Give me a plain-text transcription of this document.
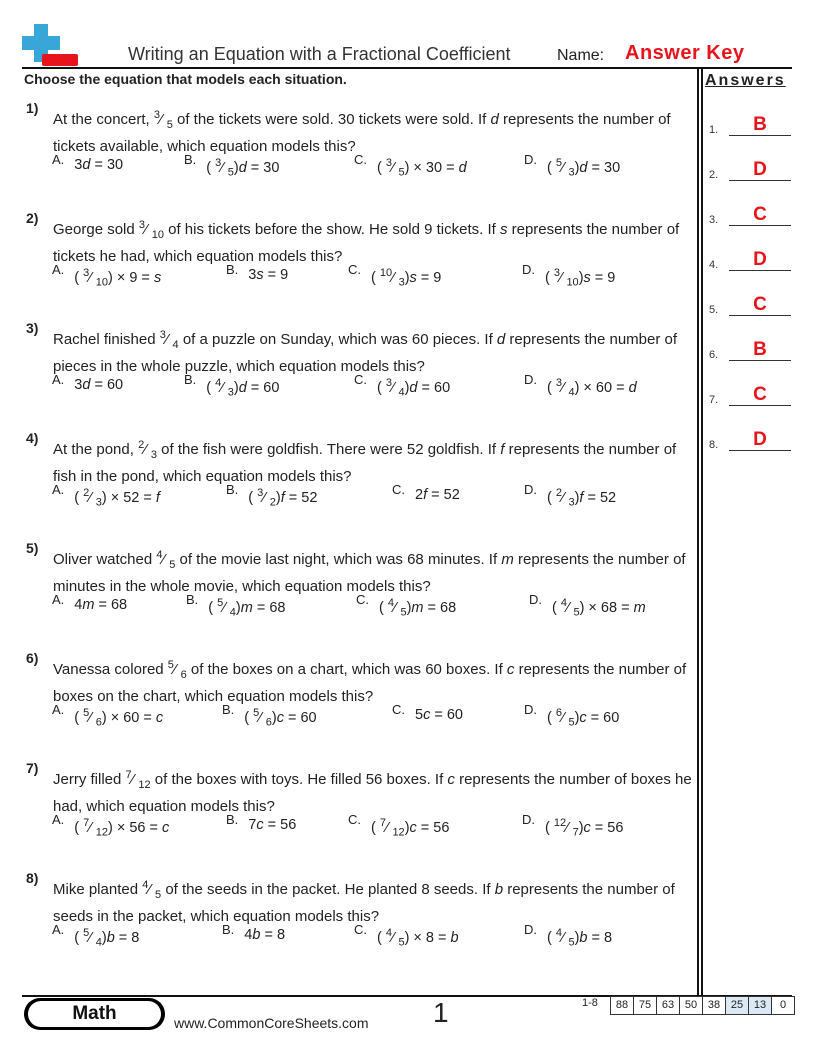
Writing an Equation with a Fractional Coefficient	Name: Answer Key
Choose the equation that models each situation.	Answers
1.	B
2.	D
3.	C
4.	D
5.	C
6.	B
7.	C
8.	D
1)
At the concert, $^3$⁄ $_5$ of the tickets were sold. 30 tickets were sold. If d represents the number of tickets available, which equation models this?
A. 3d = 30	B.( $^3$⁄ $_5$)d = 30
C.( $^3$⁄ $_5$) × 30 = d
D.( $^5$⁄ $_3$)d = 30
2)
George sold $^3$⁄ $_{10}$ of his tickets before the show. He sold 9 tickets. If s represents the number of tickets he had, which equation models this?
A.( $^3$⁄ $_{10}$) × 9 = s
B. 3s = 9	C.( $^{10}$⁄ $_3$)s = 9
D.( $^3$⁄ $_{10}$)s = 9
3)
Rachel finished $^3$⁄ $_4$ of a puzzle on Sunday, which was 60 pieces. If d represents the number of pieces in the whole puzzle, which equation models this?
A. 3d = 60	B.( $^4$⁄ $_3$)d = 60
C.( $^3$⁄ $_4$)d = 60
D.( $^3$⁄ $_4$) × 60 = d
4)
At the pond, $^2$⁄ $_3$ of the fish were goldfish. There were 52 goldfish. If f represents the number of fish in the pond, which equation models this?
A.( $^2$⁄ $_3$) × 52 = f
B.( $^3$⁄ $_2$)f = 52
C. 2f = 52	D.( $^2$⁄ $_3$)f = 52
5)
Oliver watched $^4$⁄ $_5$ of the movie last night, which was 68 minutes. If m represents the number of minutes in the whole movie, which equation models this?
A. 4m = 68	B.( $^5$⁄ $_4$)m = 68
C.( $^4$⁄ $_5$)m = 68
D.( $^4$⁄ $_5$) × 68 = m
6)
Vanessa colored $^5$⁄ $_6$ of the boxes on a chart, which was 60 boxes. If c represents the number of boxes on the chart, which equation models this?
A.( $^5$⁄ $_6$) × 60 = c
B.( $^5$⁄ $_6$)c = 60
C. 5c = 60	D.( $^6$⁄ $_5$)c = 60
7)
Jerry filled $^7$⁄ $_{12}$ of the boxes with toys. He filled 56 boxes. If c represents the number of boxes he had, which equation models this?
A.( $^7$⁄ $_{12}$) × 56 = c
B. 7c = 56	C.( $^7$⁄ $_{12}$)c = 56
D.( $^{12}$⁄ $_7$)c = 56
8)
Mike planted $^4$⁄ $_5$ of the seeds in the packet. He planted 8 seeds. If b represents the number of seeds in the packet, which equation models this?
A.( $^5$⁄ $_4$)b = 8
B. 4b = 8	C.( $^4$⁄ $_5$) × 8 = b
D.( $^4$⁄ $_5$)b = 8
Math	www.CommonCoreSheets.com 1	1-8	88 75 63 50 38 25 13	0
